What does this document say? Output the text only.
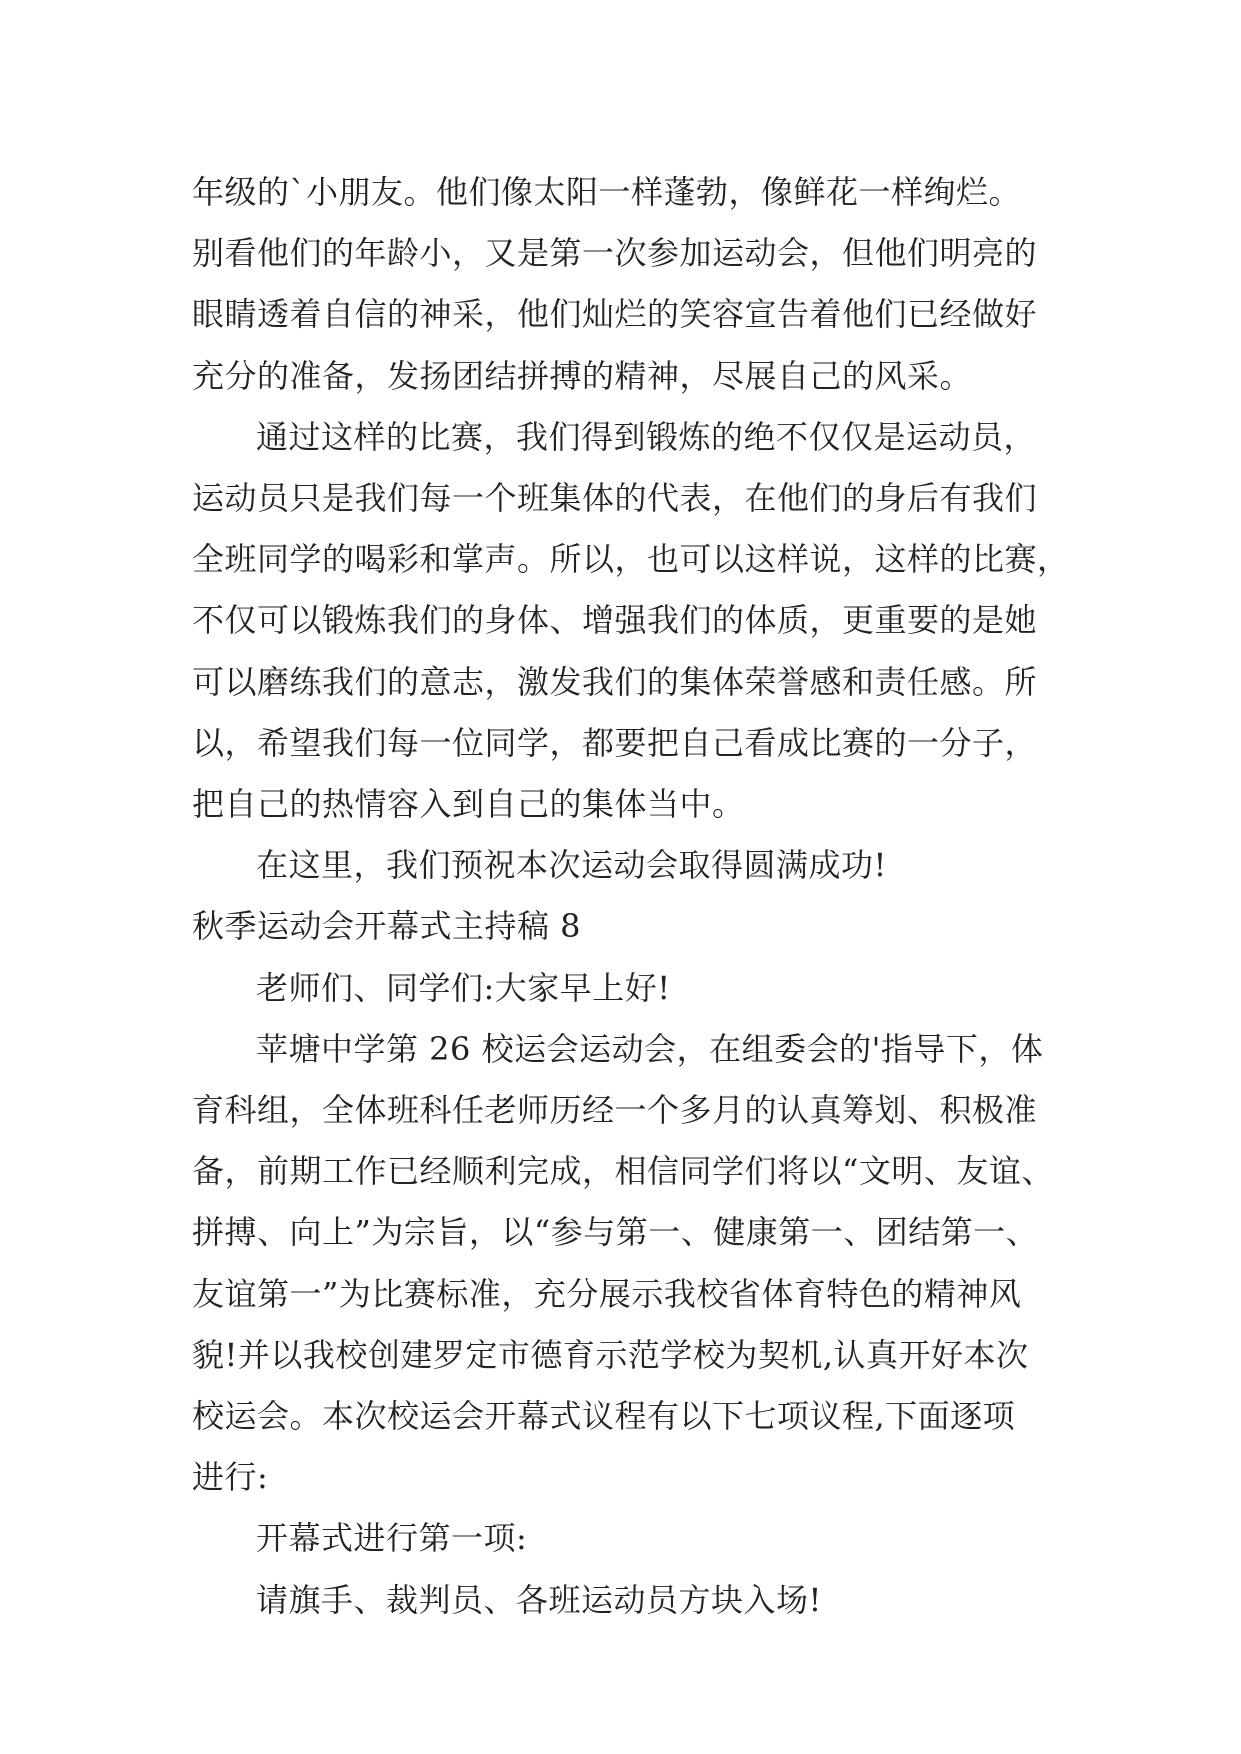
年级的`小朋友。他们像太阳一样蓬勃，像鲜花一样绚烂。
别看他们的年龄小，又是第一次参加运动会，但他们明亮的
眼睛透着自信的神采，他们灿烂的笑容宣告着他们已经做好
充分的准备，发扬团结拼搏的精神，尽展自己的风采。

通过这样的比赛，我们得到锻炼的绝不仅仅是运动员，
运动员只是我们每一个班集体的代表，在他们的身后有我们
全班同学的喝彩和掌声。所以，也可以这样说，这样的比赛，
不仅可以锻炼我们的身体、增强我们的体质，更重要的是她
可以磨练我们的意志，激发我们的集体荣誉感和责任感。所
以，希望我们每一位同学，都要把自己看成比赛的一分子，
把自己的热情容入到自己的集体当中。

在这里，我们预祝本次运动会取得圆满成功!

秋季运动会开幕式主持稿 8

老师们、同学们:大家早上好!

苹塘中学第 26 校运会运动会，在组委会的'指导下，体
育科组，全体班科任老师历经一个多月的认真筹划、积极准
备，前期工作已经顺利完成，相信同学们将以“文明、友谊、
拼搏、向上”为宗旨，以“参与第一、健康第一、团结第一、
友谊第一”为比赛标准，充分展示我校省体育特色的精神风
貌!并以我校创建罗定市德育示范学校为契机,认真开好本次
校运会。本次校运会开幕式议程有以下七项议程,下面逐项
进行:

开幕式进行第一项:

请旗手、裁判员、各班运动员方块入场!
